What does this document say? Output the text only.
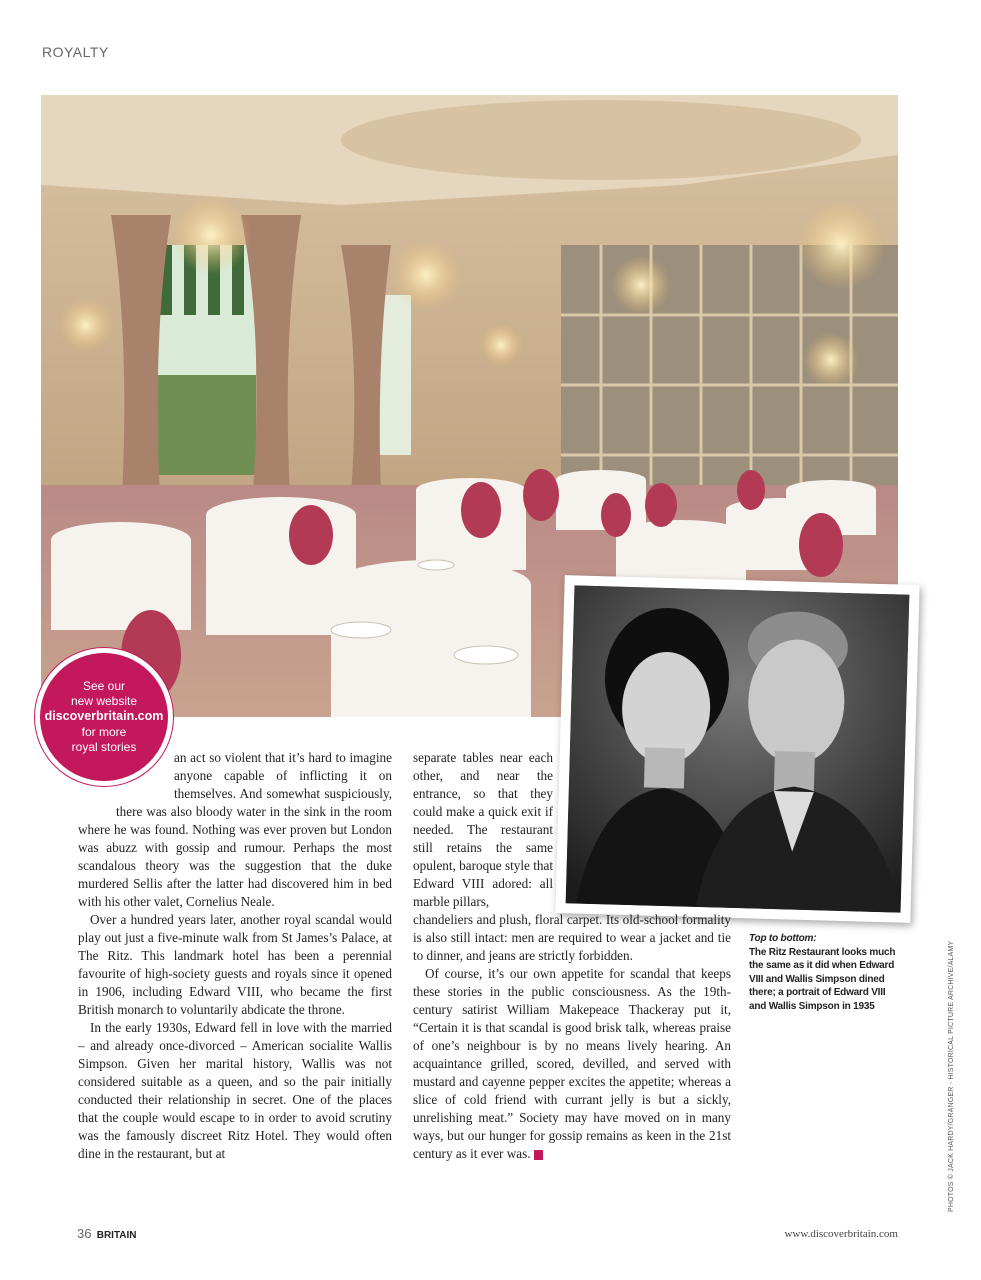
ROYALTY
See our
new website
discoverbritain.com
for more
royal stories

an act so violent that it’s hard to imagine anyone capable of inflicting it on themselves. And somewhat suspiciously, there was also bloody water in the sink in the room where he was found. Nothing was ever proven but London was abuzz with gossip and rumour. Perhaps the most scandalous theory was the suggestion that the duke murdered Sellis after the latter had discovered him in bed with his other valet, Cornelius Neale.

Over a hundred years later, another royal scandal would play out just a five-minute walk from St James’s Palace, at The Ritz. This landmark hotel has been a perennial favourite of high-society guests and royals since it opened in 1906, including Edward VIII, who became the first British monarch to voluntarily abdicate the throne.

In the early 1930s, Edward fell in love with the married – and already once-divorced – American socialite Wallis Simpson. Given her marital history, Wallis was not considered suitable as a queen, and so the pair initially conducted their relationship in secret. One of the places that the couple would escape to in order to avoid scrutiny was the famously discreet Ritz Hotel. They would often dine in the restaurant, but at

separate tables near each other, and near the entrance, so that they could make a quick exit if needed. The restaurant still retains the same opulent, baroque style that Edward VIII adored: all marble pillars,

chandeliers and plush, floral carpet. Its old-school formality is also still intact: men are required to wear a jacket and tie to dinner, and jeans are strictly forbidden.

Of course, it’s our own appetite for scandal that keeps these stories in the public consciousness. As the 19th-century satirist William Makepeace Thackeray put it, “Certain it is that scandal is good brisk talk, whereas praise of one’s neighbour is by no means lively hearing. An acquaintance grilled, scored, devilled, and served with mustard and cayenne pepper excites the appetite; whereas a slice of cold friend with currant jelly is but a sickly, unrelishing meat.” Society may have moved on in many ways, but our hunger for gossip remains as keen in the 21st century as it ever was. B

Top to bottom:
The Ritz Restaurant looks much the same as it did when Edward VIII and Wallis Simpson dined there; a portrait of Edward VIII and Wallis Simpson in 1935	PHOTOS © JACK HARDY/GRANGER - HISTORICAL PICTURE ARCHIVE/ALAMY
36 BRITAIN	www.discoverbritain.com
